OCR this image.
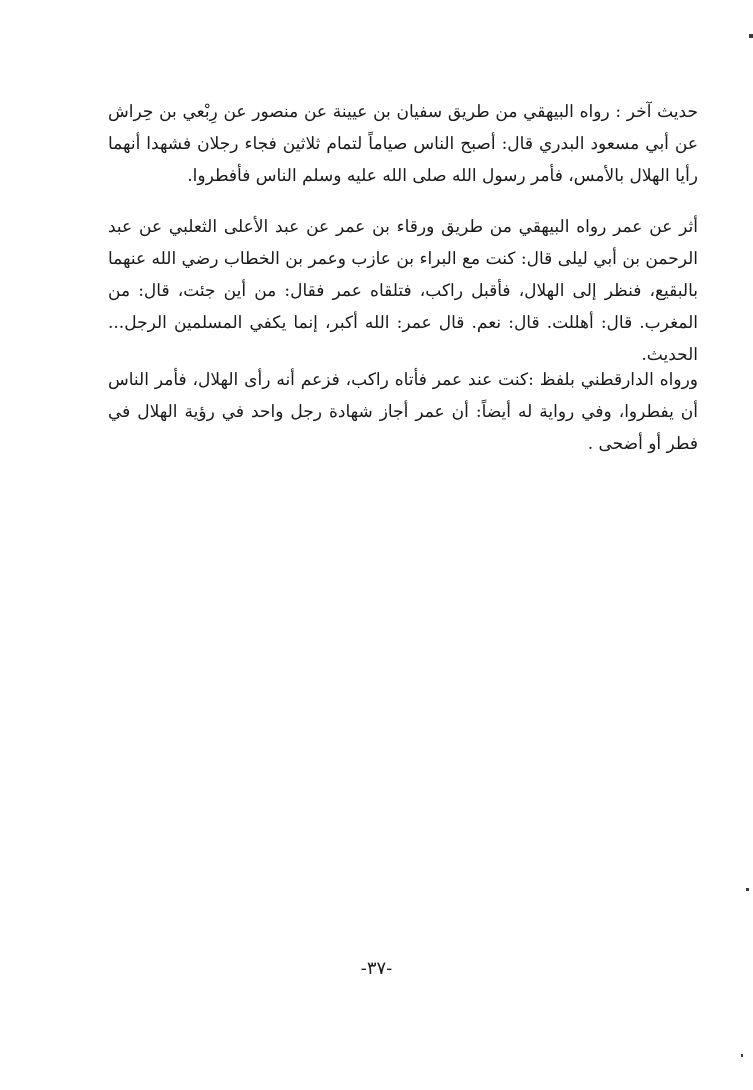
حديث آخر : رواه البيهقي من طريق سفيان بن عيينة عن منصور عن رِبْعي بن حِراش عن أبي مسعود البدري قال: أصبح الناس صياماً لتمام ثلاثين فجاء رجلان فشهدا أنهما رأيا الهلال بالأمس، فأمر رسول الله صلى الله عليه وسلم الناس فأفطروا.

أثر عن عمر رواه البيهقي من طريق ورقاء بن عمر عن عبد الأعلى الثعلبي عن عبد الرحمن بن أبي ليلى قال: كنت مع البراء بن عازب وعمر بن الخطاب رضي الله عنهما بالبقيع، فنظر إلى الهلال، فأقبل راكب، فتلقاه عمر فقال: من أين جئت، قال: من المغرب. قال: أهللت. قال: نعم. قال عمر: الله أكبر، إنما يكفي المسلمين الرجل... الحديث.

ورواه الدارقطني بلفظ :كنت عند عمر فأتاه راكب، فزعم أنه رأى الهلال، فأمر الناس أن يفطروا، وفي رواية له أيضاً: أن عمر أجاز شهادة رجل واحد في رؤية الهلال في فطر أو أضحى .

-٣٧-
